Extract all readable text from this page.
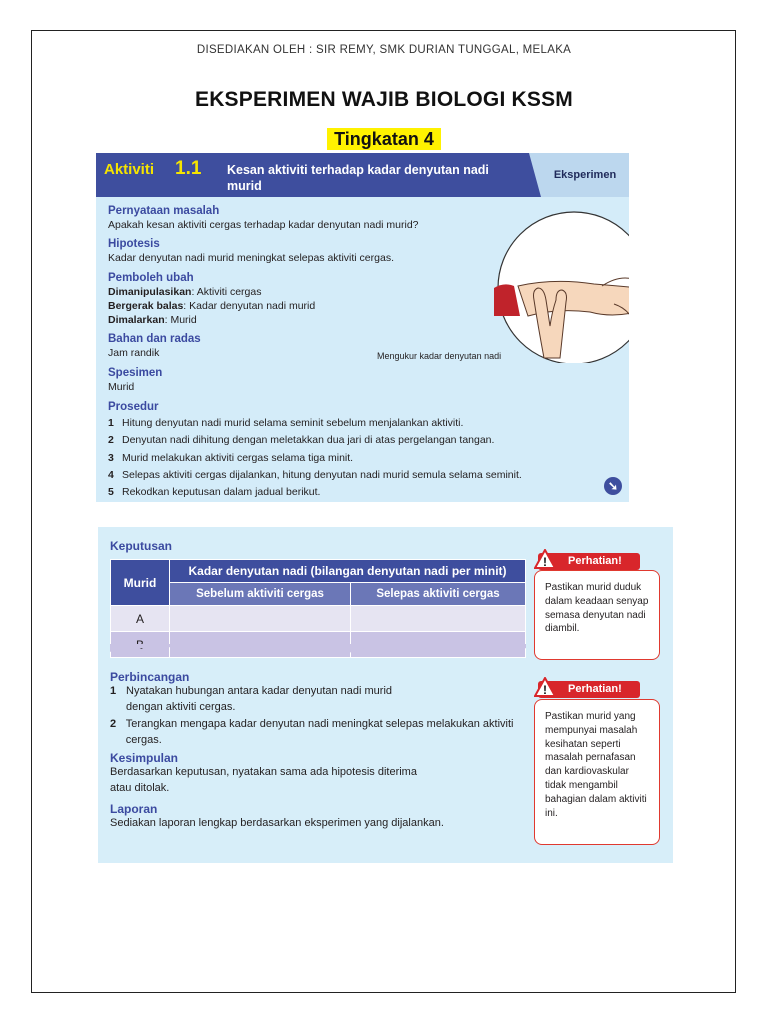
DISEDIAKAN OLEH : SIR REMY, SMK DURIAN TUNGGAL, MELAKA
EKSPERIMEN WAJIB BIOLOGI KSSM
Tingkatan 4
Aktiviti 1.1 Kesan aktiviti terhadap kadar denyutan nadi murid
Eksperimen
Pernyataan masalah
Apakah kesan aktiviti cergas terhadap kadar denyutan nadi murid?
Hipotesis
Kadar denyutan nadi murid meningkat selepas aktiviti cergas.
Pemboleh ubah
Dimanipulasikan: Aktiviti cergas
Bergerak balas: Kadar denyutan nadi murid
Dimalarkan: Murid
Bahan dan radas
Jam randik
Spesimen
Murid
Prosedur
1 Hitung denyutan nadi murid selama seminit sebelum menjalankan aktiviti.
2 Denyutan nadi dihitung dengan meletakkan dua jari di atas pergelangan tangan.
3 Murid melakukan aktiviti cergas selama tiga minit.
4 Selepas aktiviti cergas dijalankan, hitung denyutan nadi murid semula selama seminit.
5 Rekodkan keputusan dalam jadual berikut.
Mengukur kadar denyutan nadi
➘
Keputusan
Murid	Kadar denyutan nadi (bilangan denyutan nadi per minit)	
	Sebelum aktiviti cergas	Selepas aktiviti cergas
A		

Pastikan murid duduk dalam keadaan senyap semasa denyutan nadi diambil.
Perhatian!
!
Pastikan murid yang mempunyai masalah kesihatan seperti masalah pernafasan dan kardiovaskular tidak mengambil bahagian dalam aktiviti ini.
Perhatian!
!
Perbincangan
1 Nyatakan hubungan antara kadar denyutan nadi murid dengan aktiviti cergas.
2 Terangkan mengapa kadar denyutan nadi meningkat selepas melakukan aktiviti cergas.
Kesimpulan
Berdasarkan keputusan, nyatakan sama ada hipotesis diterima atau ditolak.
Laporan
Sediakan laporan lengkap berdasarkan eksperimen yang dijalankan.
